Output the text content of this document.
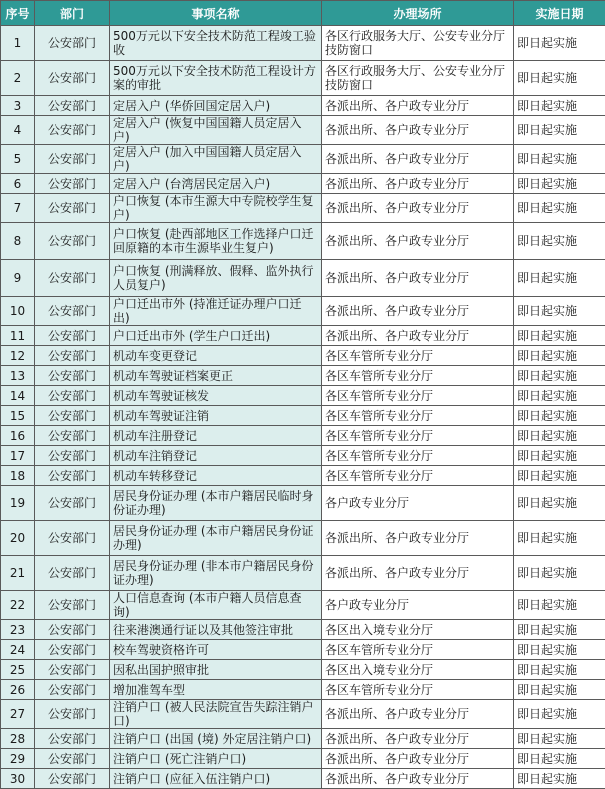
序号	部门	事项名称	办理场所	实施日期
1	公安部门	500万元以下安全技术防范工程竣工验收	各区行政服务大厅、公安专业分厅技防窗口	即日起实施
2	公安部门	500万元以下安全技术防范工程设计方案的审批	各区行政服务大厅、公安专业分厅技防窗口	即日起实施
3	公安部门	定居入户 (华侨回国定居入户)	各派出所、各户政专业分厅	即日起实施
4	公安部门	定居入户 (恢复中国国籍人员定居入户)	各派出所、各户政专业分厅	即日起实施
5	公安部门	定居入户 (加入中国国籍人员定居入户)	各派出所、各户政专业分厅	即日起实施
6	公安部门	定居入户 (台湾居民定居入户)	各派出所、各户政专业分厅	即日起实施
7	公安部门	户口恢复 (本市生源大中专院校学生复户)	各派出所、各户政专业分厅	即日起实施
8	公安部门	户口恢复 (赴西部地区工作选择户口迁回原籍的本市生源毕业生复户)	各派出所、各户政专业分厅	即日起实施
9	公安部门	户口恢复 (刑满释放、假释、监外执行人员复户)	各派出所、各户政专业分厅	即日起实施
10	公安部门	户口迁出市外 (持准迁证办理户口迁出)	各派出所、各户政专业分厅	即日起实施
11	公安部门	户口迁出市外 (学生户口迁出)	各派出所、各户政专业分厅	即日起实施
12	公安部门	机动车变更登记	各区车管所专业分厅	即日起实施
13	公安部门	机动车驾驶证档案更正	各区车管所专业分厅	即日起实施
14	公安部门	机动车驾驶证核发	各区车管所专业分厅	即日起实施
15	公安部门	机动车驾驶证注销	各区车管所专业分厅	即日起实施
16	公安部门	机动车注册登记	各区车管所专业分厅	即日起实施
17	公安部门	机动车注销登记	各区车管所专业分厅	即日起实施
18	公安部门	机动车转移登记	各区车管所专业分厅	即日起实施
19	公安部门	居民身份证办理 (本市户籍居民临时身份证办理)	各户政专业分厅	即日起实施
20	公安部门	居民身份证办理 (本市户籍居民身份证办理)	各派出所、各户政专业分厅	即日起实施
21	公安部门	居民身份证办理 (非本市户籍居民身份证办理)	各派出所、各户政专业分厅	即日起实施
22	公安部门	人口信息查询 (本市户籍人员信息查询)	各户政专业分厅	即日起实施
23	公安部门	往来港澳通行证以及其他签注审批	各区出入境专业分厅	即日起实施
24	公安部门	校车驾驶资格许可	各区车管所专业分厅	即日起实施
25	公安部门	因私出国护照审批	各区出入境专业分厅	即日起实施
26	公安部门	增加准驾车型	各区车管所专业分厅	即日起实施
27	公安部门	注销户口 (被人民法院宣告失踪注销户口)	各派出所、各户政专业分厅	即日起实施
28	公安部门	注销户口 (出国 (境) 外定居注销户口)	各派出所、各户政专业分厅	即日起实施
29	公安部门	注销户口 (死亡注销户口)	各派出所、各户政专业分厅	即日起实施
30	公安部门	注销户口 (应征入伍注销户口)	各派出所、各户政专业分厅	即日起实施
